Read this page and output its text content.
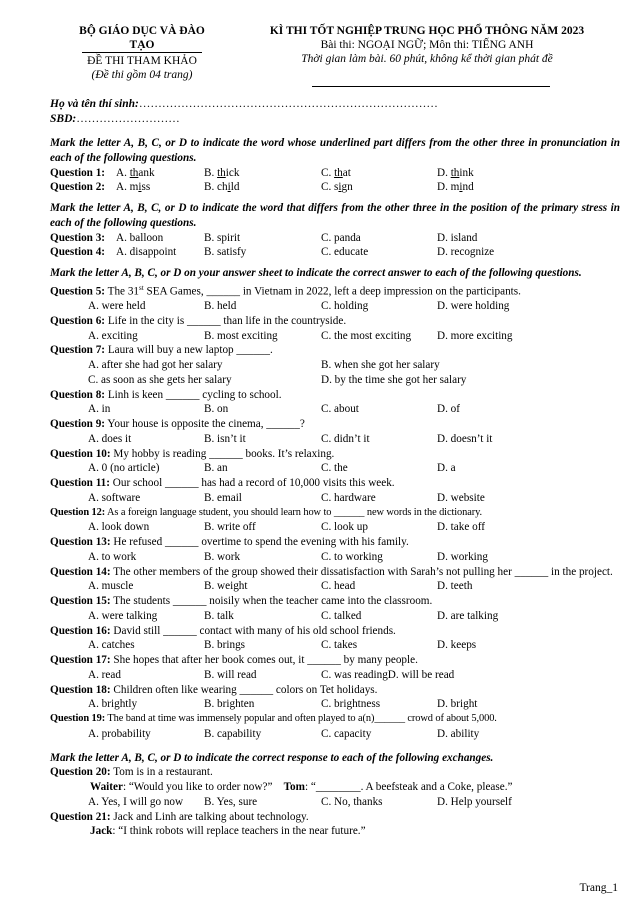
BỘ GIÁO DỤC VÀ ĐÀO
TẠO
ĐỀ THI THAM KHẢO
(Đề thi gồm 04 trang)
KÌ THI TỐT NGHIỆP TRUNG HỌC PHỔ THÔNG NĂM 2023
Bài thi: NGOẠI NGỮ; Môn thi: TIẾNG ANH
Thời gian làm bài. 60 phút, không kể thời gian phát đề
Họ và tên thí sinh:……………………………………………………………………
SBD:………………………
Mark the letter A, B, C, or D to indicate the word whose underlined part differs from the other three in pronunciation in each of the following questions.
Question 1: A. thank	B. thick	C. that	D. think
Question 2: A. miss	B. child	C. sign	D. mind
Mark the letter A, B, C, or D to indicate the word that differs from the other three in the position of the primary stress in each of the following questions.
Question 3: A. balloon	B. spirit	C. panda	D. island
Question 4: A. disappoint B. satisfy	C. educate	D. recognize
Mark the letter A, B, C, or D on your answer sheet to indicate the correct answer to each of the following questions.
Question 5: The 31st SEA Games, ______ in Vietnam in 2022, left a deep impression on the participants.
A. were held	B. held	C. holding	D. were holding
Question 6: Life in the city is ______ than life in the countryside.
A. exciting	B. most exciting	C. the most exciting D. more exciting
Question 7: Laura will buy a new laptop ______.
A. after she had got her salary	B. when she got her salary
C. as soon as she gets her salary	D. by the time she got her salary
Question 8: Linh is keen ______ cycling to school.
A. in	B. on	C. about	D. of
Question 9: Your house is opposite the cinema, ______?
A. does it	B. isn’t it	C. didn’t it	D. doesn’t it
Question 10: My hobby is reading ______ books. It’s relaxing.
A. 0 (no article)	B. an	C. the	D. a
Question 11: Our school ______ has had a record of 10,000 visits this week.
A. software	B. email	C. hardware	D. website
Question 12: As a foreign language student, you should learn how to ______ new words in the dictionary.
A. look down	B. write off	C. look up	D. take off
Question 13: He refused ______ overtime to spend the evening with his family.
A. to work	B. work	C. to working	D. working
Question 14: The other members of the group showed their dissatisfaction with Sarah’s not pulling her ______ in the project.
A. muscle	B. weight	C. head	D. teeth
Question 15: The students ______ noisily when the teacher came into the classroom.
A. were talking	B. talk	C. talked	D. are talking
Question 16: David still ______ contact with many of his old school friends.
A. catches	B. brings	C. takes	D. keeps
Question 17: She hopes that after her book comes out, it ______ by many people.
A. read	B. will read	C. was readingD. will be read
Question 18: Children often like wearing ______ colors on Tet holidays.
A. brightly	B. brighten	C. brightness	D. bright
Question 19: The band at time was immensely popular and often played to a(n)______ crowd of about 5,000.
A. probability	B. capability	C. capacity	D. ability
Mark the letter A, B, C, or D to indicate the correct response to each of the following exchanges.
Question 20: Tom is in a restaurant.
Waiter: “Would you like to order now?” Tom: “________. A beefsteak and a Coke, please.”
A. Yes, I will go now B. Yes, sure	C. No, thanks	D. Help yourself
Question 21: Jack and Linh are talking about technology.
Jack: “I think robots will replace teachers in the near future.”
Trang_1
